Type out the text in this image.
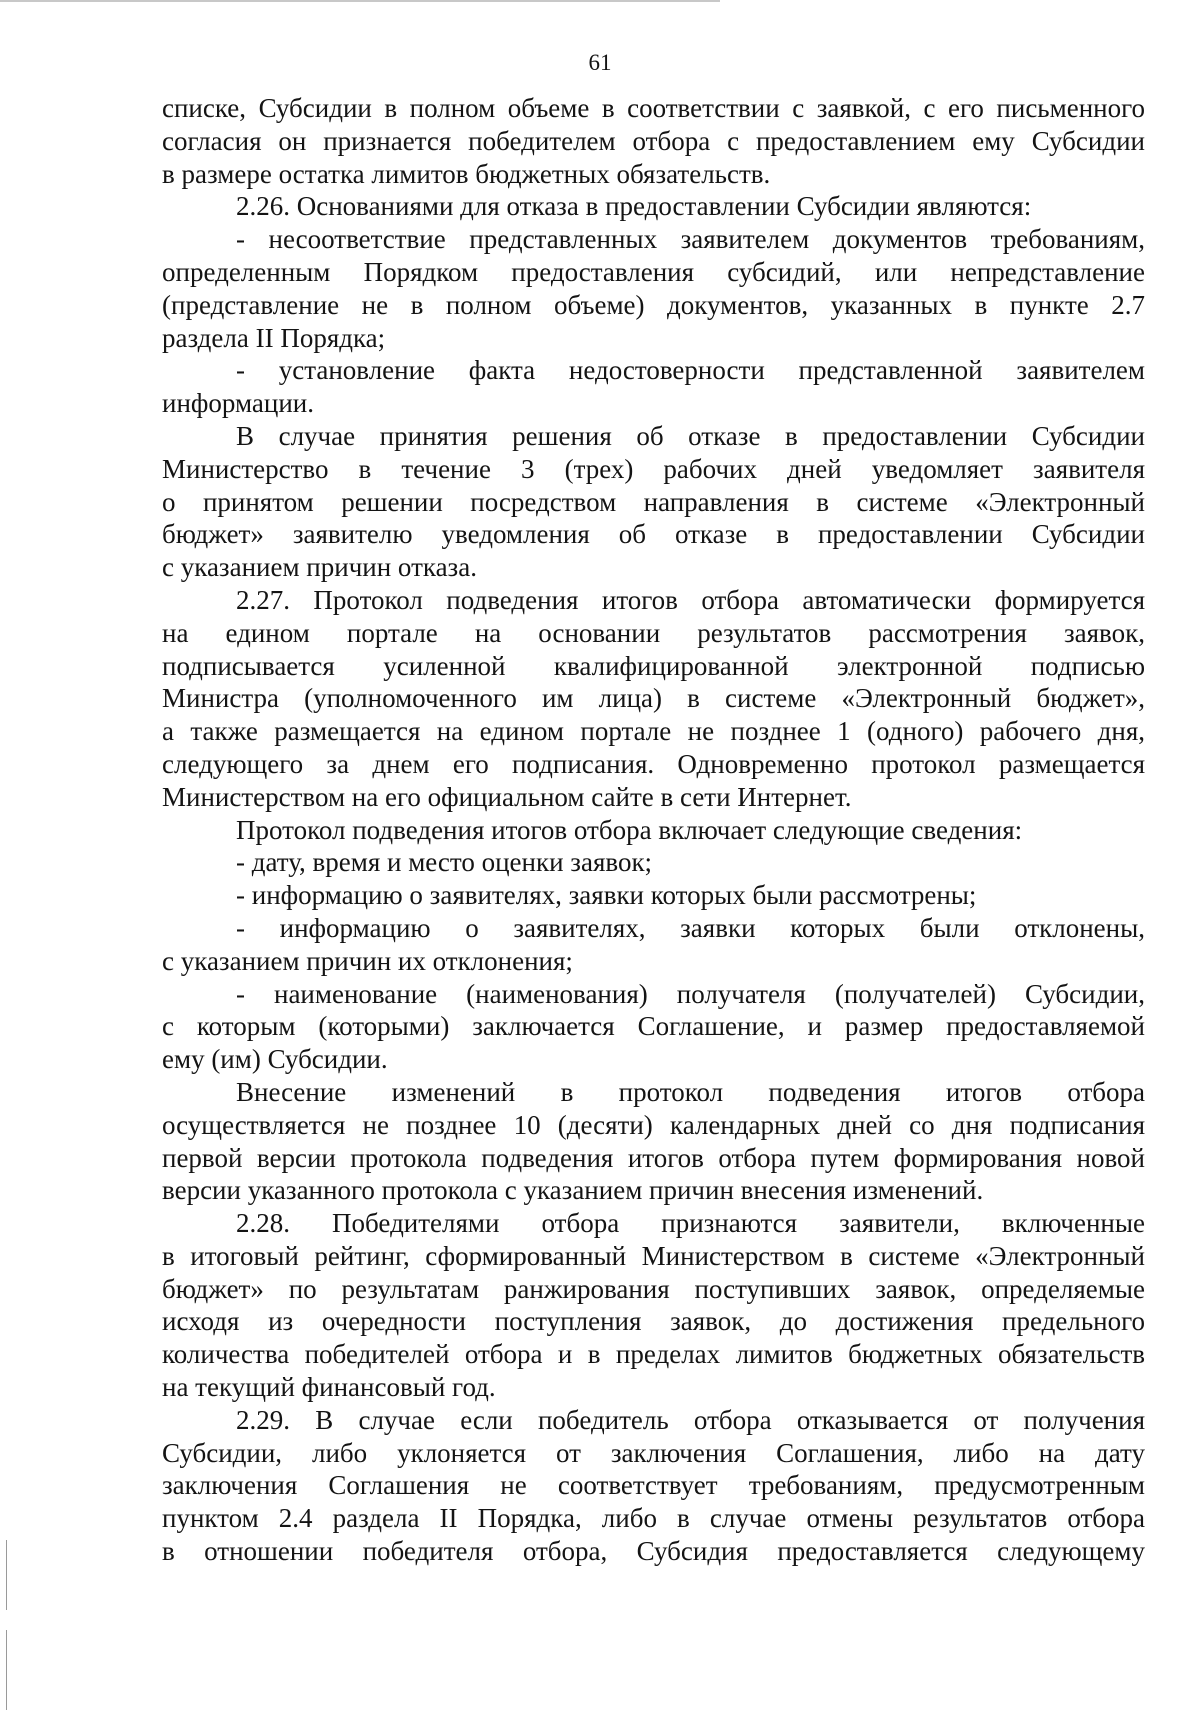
61
списке, Субсидии в полном объеме в соответствии с заявкой, с его письменного
согласия он признается победителем отбора с предоставлением ему Субсидии
в размере остатка лимитов бюджетных обязательств.
2.26. Основаниями для отказа в предоставлении Субсидии являются:
- несоответствие представленных заявителем документов требованиям,
определенным Порядком предоставления субсидий, или непредставление
(представление не в полном объеме) документов, указанных в пункте 2.7
раздела II Порядка;
- установление факта недостоверности представленной заявителем
информации.
В случае принятия решения об отказе в предоставлении Субсидии
Министерство в течение 3 (трех) рабочих дней уведомляет заявителя
о принятом решении посредством направления в системе «Электронный
бюджет» заявителю уведомления об отказе в предоставлении Субсидии
с указанием причин отказа.
2.27. Протокол подведения итогов отбора автоматически формируется
на едином портале на основании результатов рассмотрения заявок,
подписывается усиленной квалифицированной электронной подписью
Министра (уполномоченного им лица) в системе «Электронный бюджет»,
а также размещается на едином портале не позднее 1 (одного) рабочего дня,
следующего за днем его подписания. Одновременно протокол размещается
Министерством на его официальном сайте в сети Интернет.
Протокол подведения итогов отбора включает следующие сведения:
- дату, время и место оценки заявок;
- информацию о заявителях, заявки которых были рассмотрены;
- информацию о заявителях, заявки которых были отклонены,
с указанием причин их отклонения;
- наименование (наименования) получателя (получателей) Субсидии,
с которым (которыми) заключается Соглашение, и размер предоставляемой
ему (им) Субсидии.
Внесение изменений в протокол подведения итогов отбора
осуществляется не позднее 10 (десяти) календарных дней со дня подписания
первой версии протокола подведения итогов отбора путем формирования новой
версии указанного протокола с указанием причин внесения изменений.
2.28. Победителями отбора признаются заявители, включенные
в итоговый рейтинг, сформированный Министерством в системе «Электронный
бюджет» по результатам ранжирования поступивших заявок, определяемые
исходя из очередности поступления заявок, до достижения предельного
количества победителей отбора и в пределах лимитов бюджетных обязательств
на текущий финансовый год.
2.29. В случае если победитель отбора отказывается от получения
Субсидии, либо уклоняется от заключения Соглашения, либо на дату
заключения Соглашения не соответствует требованиям, предусмотренным
пунктом 2.4 раздела II Порядка, либо в случае отмены результатов отбора
в отношении победителя отбора, Субсидия предоставляется следующему
